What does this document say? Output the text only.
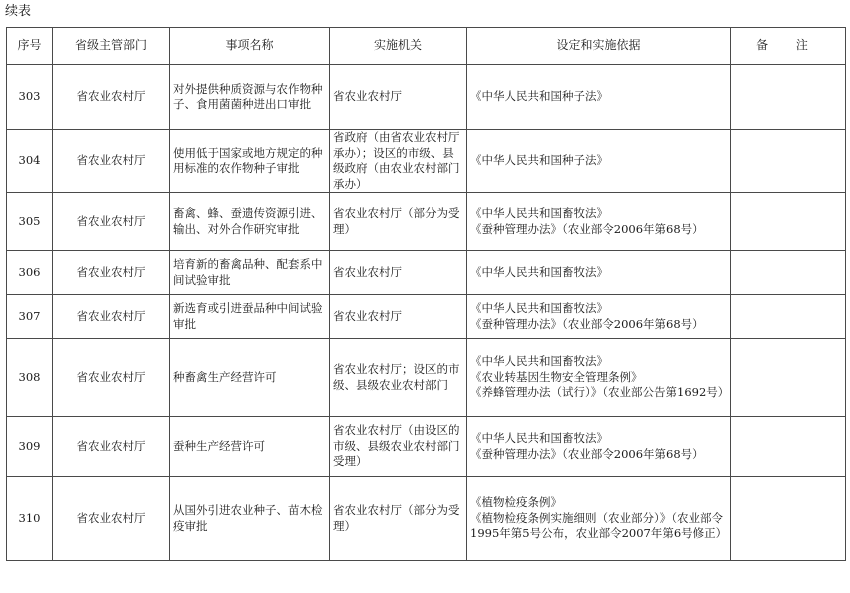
续表
序号	省级主管部门	事项名称	实施机关	设定和实施依据	备 注
303	省农业农村厅	对外提供种质资源与农作物种子、食用菌菌种进出口审批	省农业农村厅	《中华人民共和国种子法》	

304	省农业农村厅	使用低于国家或地方规定的种用标准的农作物种子审批	省政府（由省农业农村厅承办）；设区的市级、县级政府（由农业农村部门承办）	《中华人民共和国种子法》	

305	省农业农村厅	畜禽、蜂、蚕遗传资源引进、输出、对外合作研究审批	省农业农村厅（部分为受理）	《中华人民共和国畜牧法》
《蚕种管理办法》（农业部令2006年第68号）	

306	省农业农村厅	培育新的畜禽品种、配套系中间试验审批	省农业农村厅	《中华人民共和国畜牧法》	

307	省农业农村厅	新选育或引进蚕品种中间试验审批	省农业农村厅	《中华人民共和国畜牧法》
《蚕种管理办法》（农业部令2006年第68号）	

308	省农业农村厅	种畜禽生产经营许可	省农业农村厅；设区的市级、县级农业农村部门	《中华人民共和国畜牧法》
《农业转基因生物安全管理条例》
《养蜂管理办法（试行）》（农业部公告第1692号）	

309	省农业农村厅	蚕种生产经营许可	省农业农村厅（由设区的市级、县级农业农村部门受理）	《中华人民共和国畜牧法》
《蚕种管理办法》（农业部令2006年第68号）	

310	省农业农村厅	从国外引进农业种子、苗木检疫审批	省农业农村厅（部分为受理）	《植物检疫条例》
《植物检疫条例实施细则（农业部分）》（农业部令1995年第5号公布，农业部令2007年第6号修正）	
